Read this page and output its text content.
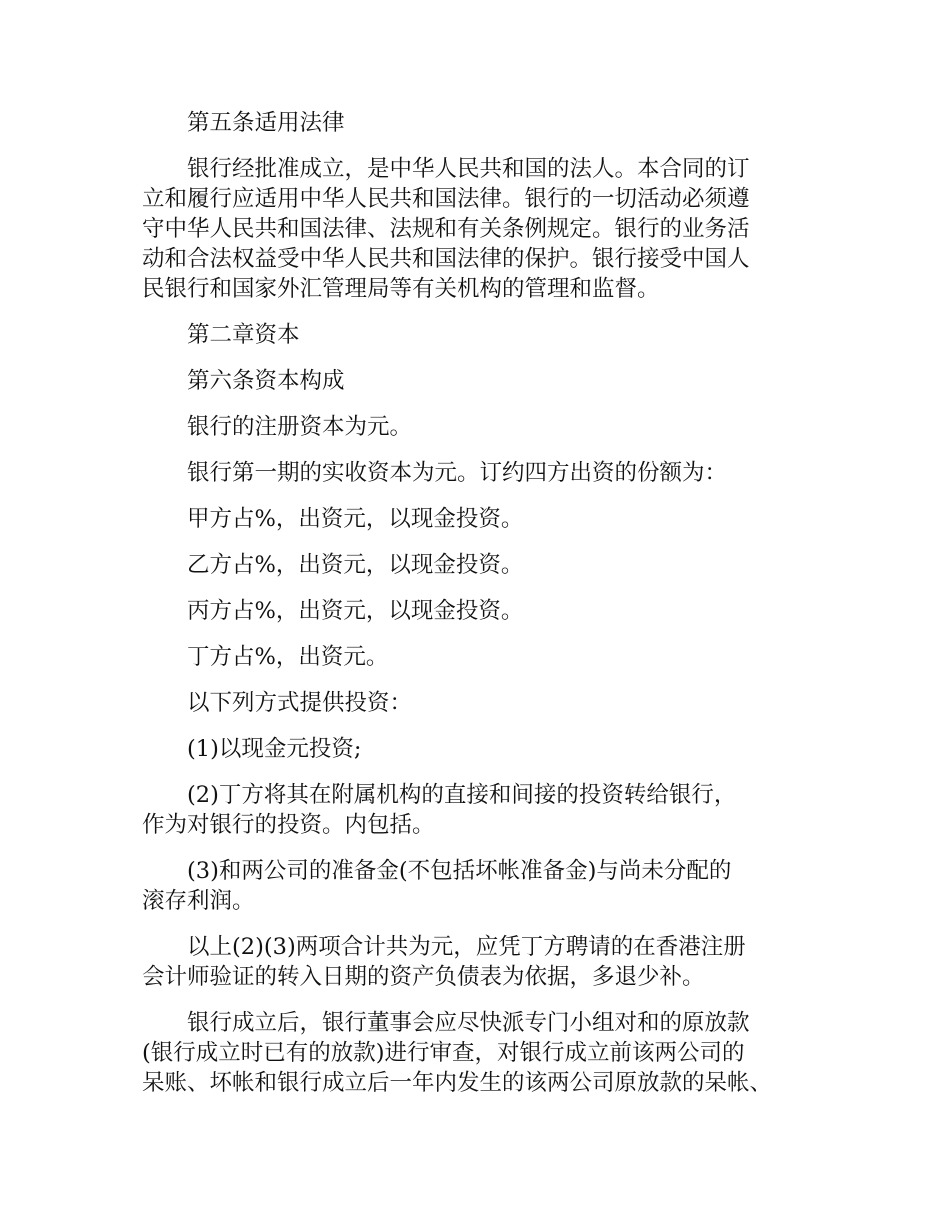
第五条适用法律

银行经批准成立，是中华人民共和国的法人。本合同的订
立和履行应适用中华人民共和国法律。银行的一切活动必须遵
守中华人民共和国法律、法规和有关条例规定。银行的业务活
动和合法权益受中华人民共和国法律的保护。银行接受中国人
民银行和国家外汇管理局等有关机构的管理和监督。

第二章资本

第六条资本构成

银行的注册资本为元。

银行第一期的实收资本为元。订约四方出资的份额为：

甲方占%，出资元，以现金投资。

乙方占%，出资元，以现金投资。

丙方占%，出资元，以现金投资。

丁方占%，出资元。

以下列方式提供投资：

(1)以现金元投资;

(2)丁方将其在附属机构的直接和间接的投资转给银行，
作为对银行的投资。内包括。

(3)和两公司的准备金(不包括坏帐准备金)与尚未分配的
滚存利润。

以上(2)(3)两项合计共为元，应凭丁方聘请的在香港注册
会计师验证的转入日期的资产负债表为依据，多退少补。

银行成立后，银行董事会应尽快派专门小组对和的原放款
(银行成立时已有的放款)进行审查，对银行成立前该两公司的
呆账、坏帐和银行成立后一年内发生的该两公司原放款的呆帐、
